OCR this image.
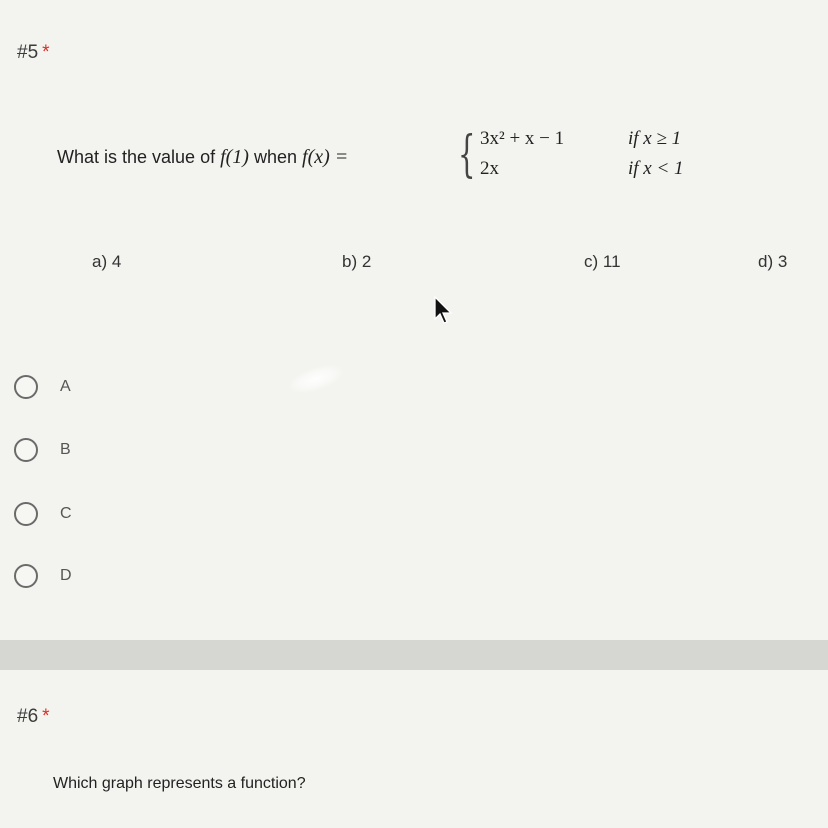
#5 *
What is the value of f(1) when f(x) = { 3x² + x − 1	if x ≥ 1
2x	if x < 1
a) 4	b) 2	c) 11	d) 3
A
B
C
D
#6 *
Which graph represents a function?
